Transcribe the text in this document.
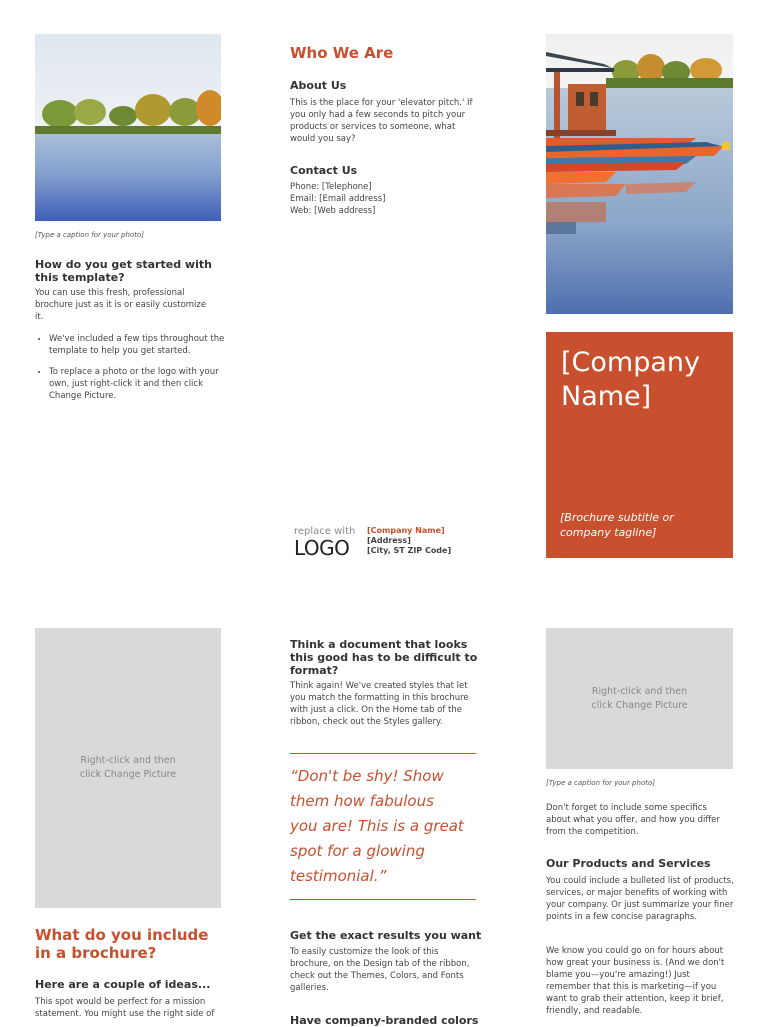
[Type a caption for your photo]
How do you get started with this template?

You can use this fresh, professional brochure just as it is or easily customize it.

• We've included a few tips throughout the template to help you get started.
• To replace a photo or the logo with your own, just right-click it and then click Change Picture.
Who We Are
About Us

This is the place for your 'elevator pitch.' If you only had a few seconds to pitch your products or services to someone, what would you say?

Contact Us
Phone: [Telephone]
Email: [Email address]
Web: [Web address]
replace with
LOGO
[Company Name]
[Address]
[City, ST ZIP Code]
[Company Name]
[Brochure subtitle or company tagline]
Right-click and then click Change Picture
What do you include in a brochure?
Here are a couple of ideas...

This spot would be perfect for a mission statement. You might use the right side of

Think a document that looks this good has to be difficult to format?

Think again! We've created styles that let you match the formatting in this brochure with just a click. On the Home tab of the ribbon, check out the Styles gallery.

“Don't be shy! Show them how fabulous you are! This is a great spot for a glowing testimonial.”
Get the exact results you want

To easily customize the look of this brochure, on the Design tab of the ribbon, check out the Themes, Colors, and Fonts galleries.

Have company-branded colors
Right-click and then click Change Picture
[Type a caption for your photo]

Don't forget to include some specifics about what you offer, and how you differ from the competition.

Our Products and Services

You could include a bulleted list of products, services, or major benefits of working with your company. Or just summarize your finer points in a few concise paragraphs.

We know you could go on for hours about how great your business is. (And we don't blame you—you're amazing!) Just remember that this is marketing—if you want to grab their attention, keep it brief, friendly, and readable.
